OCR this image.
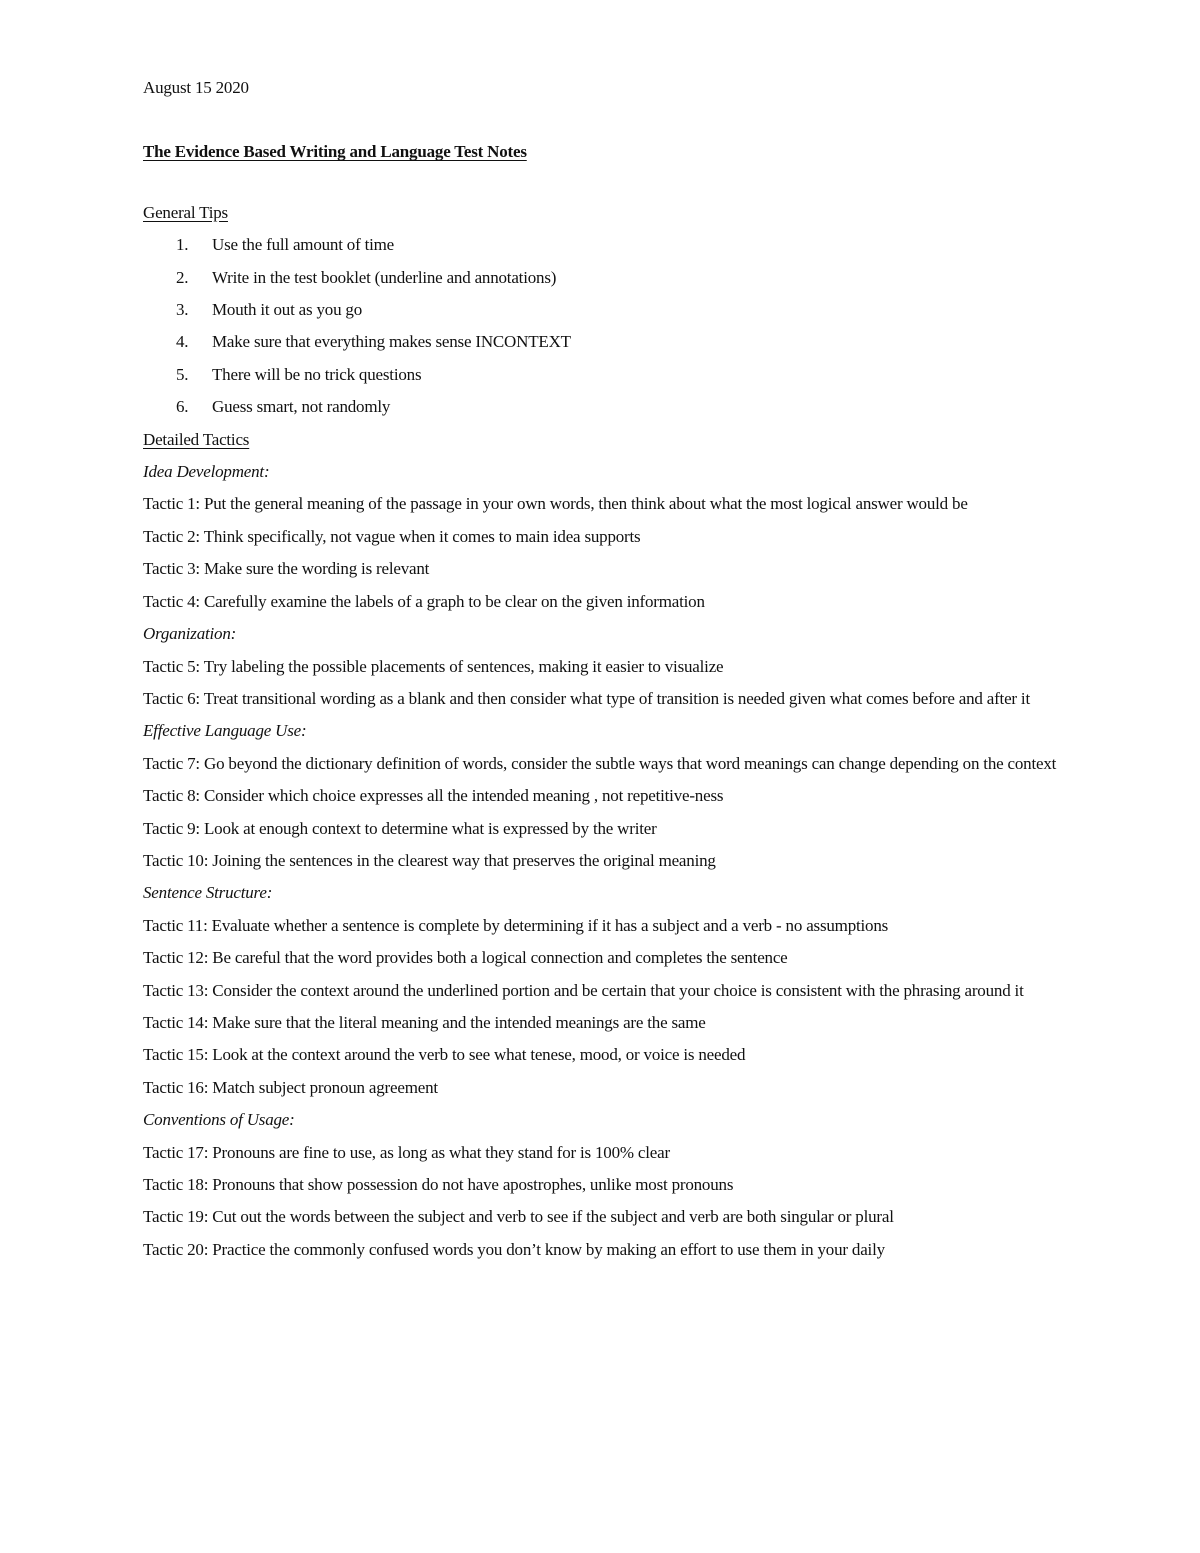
August 15 2020

The Evidence Based Writing and Language Test Notes

General Tips

1.	Use the full amount of time
2.	Write in the test booklet (underline and annotations)
3.	Mouth it out as you go
4.	Make sure that everything makes sense INCONTEXT
5.	There will be no trick questions
6.	Guess smart, not randomly

Detailed Tactics

Idea Development:

Tactic 1: Put the general meaning of the passage in your own words, then think about what the most logical answer would be

Tactic 2: Think specifically, not vague when it comes to main idea supports

Tactic 3: Make sure the wording is relevant

Tactic 4: Carefully examine the labels of a graph to be clear on the given information

Organization:

Tactic 5: Try labeling the possible placements of sentences, making it easier to visualize

Tactic 6: Treat transitional wording as a blank and then consider what type of transition is needed given what comes before and after it

Effective Language Use:

Tactic 7: Go beyond the dictionary definition of words, consider the subtle ways that word meanings can change depending on the context

Tactic 8: Consider which choice expresses all the intended meaning , not repetitive-ness

Tactic 9: Look at enough context to determine what is expressed by the writer

Tactic 10: Joining the sentences in the clearest way that preserves the original meaning

Sentence Structure:

Tactic 11: Evaluate whether a sentence is complete by determining if it has a subject and a verb - no assumptions

Tactic 12: Be careful that the word provides both a logical connection and completes the sentence

Tactic 13: Consider the context around the underlined portion and be certain that your choice is consistent with the phrasing around it

Tactic 14: Make sure that the literal meaning and the intended meanings are the same

Tactic 15: Look at the context around the verb to see what tenese, mood, or voice is needed

Tactic 16: Match subject pronoun agreement

Conventions of Usage:

Tactic 17: Pronouns are fine to use, as long as what they stand for is 100% clear

Tactic 18: Pronouns that show possession do not have apostrophes, unlike most pronouns

Tactic 19: Cut out the words between the subject and verb to see if the subject and verb are both singular or plural

Tactic 20: Practice the commonly confused words you don’t know by making an effort to use them in your daily
